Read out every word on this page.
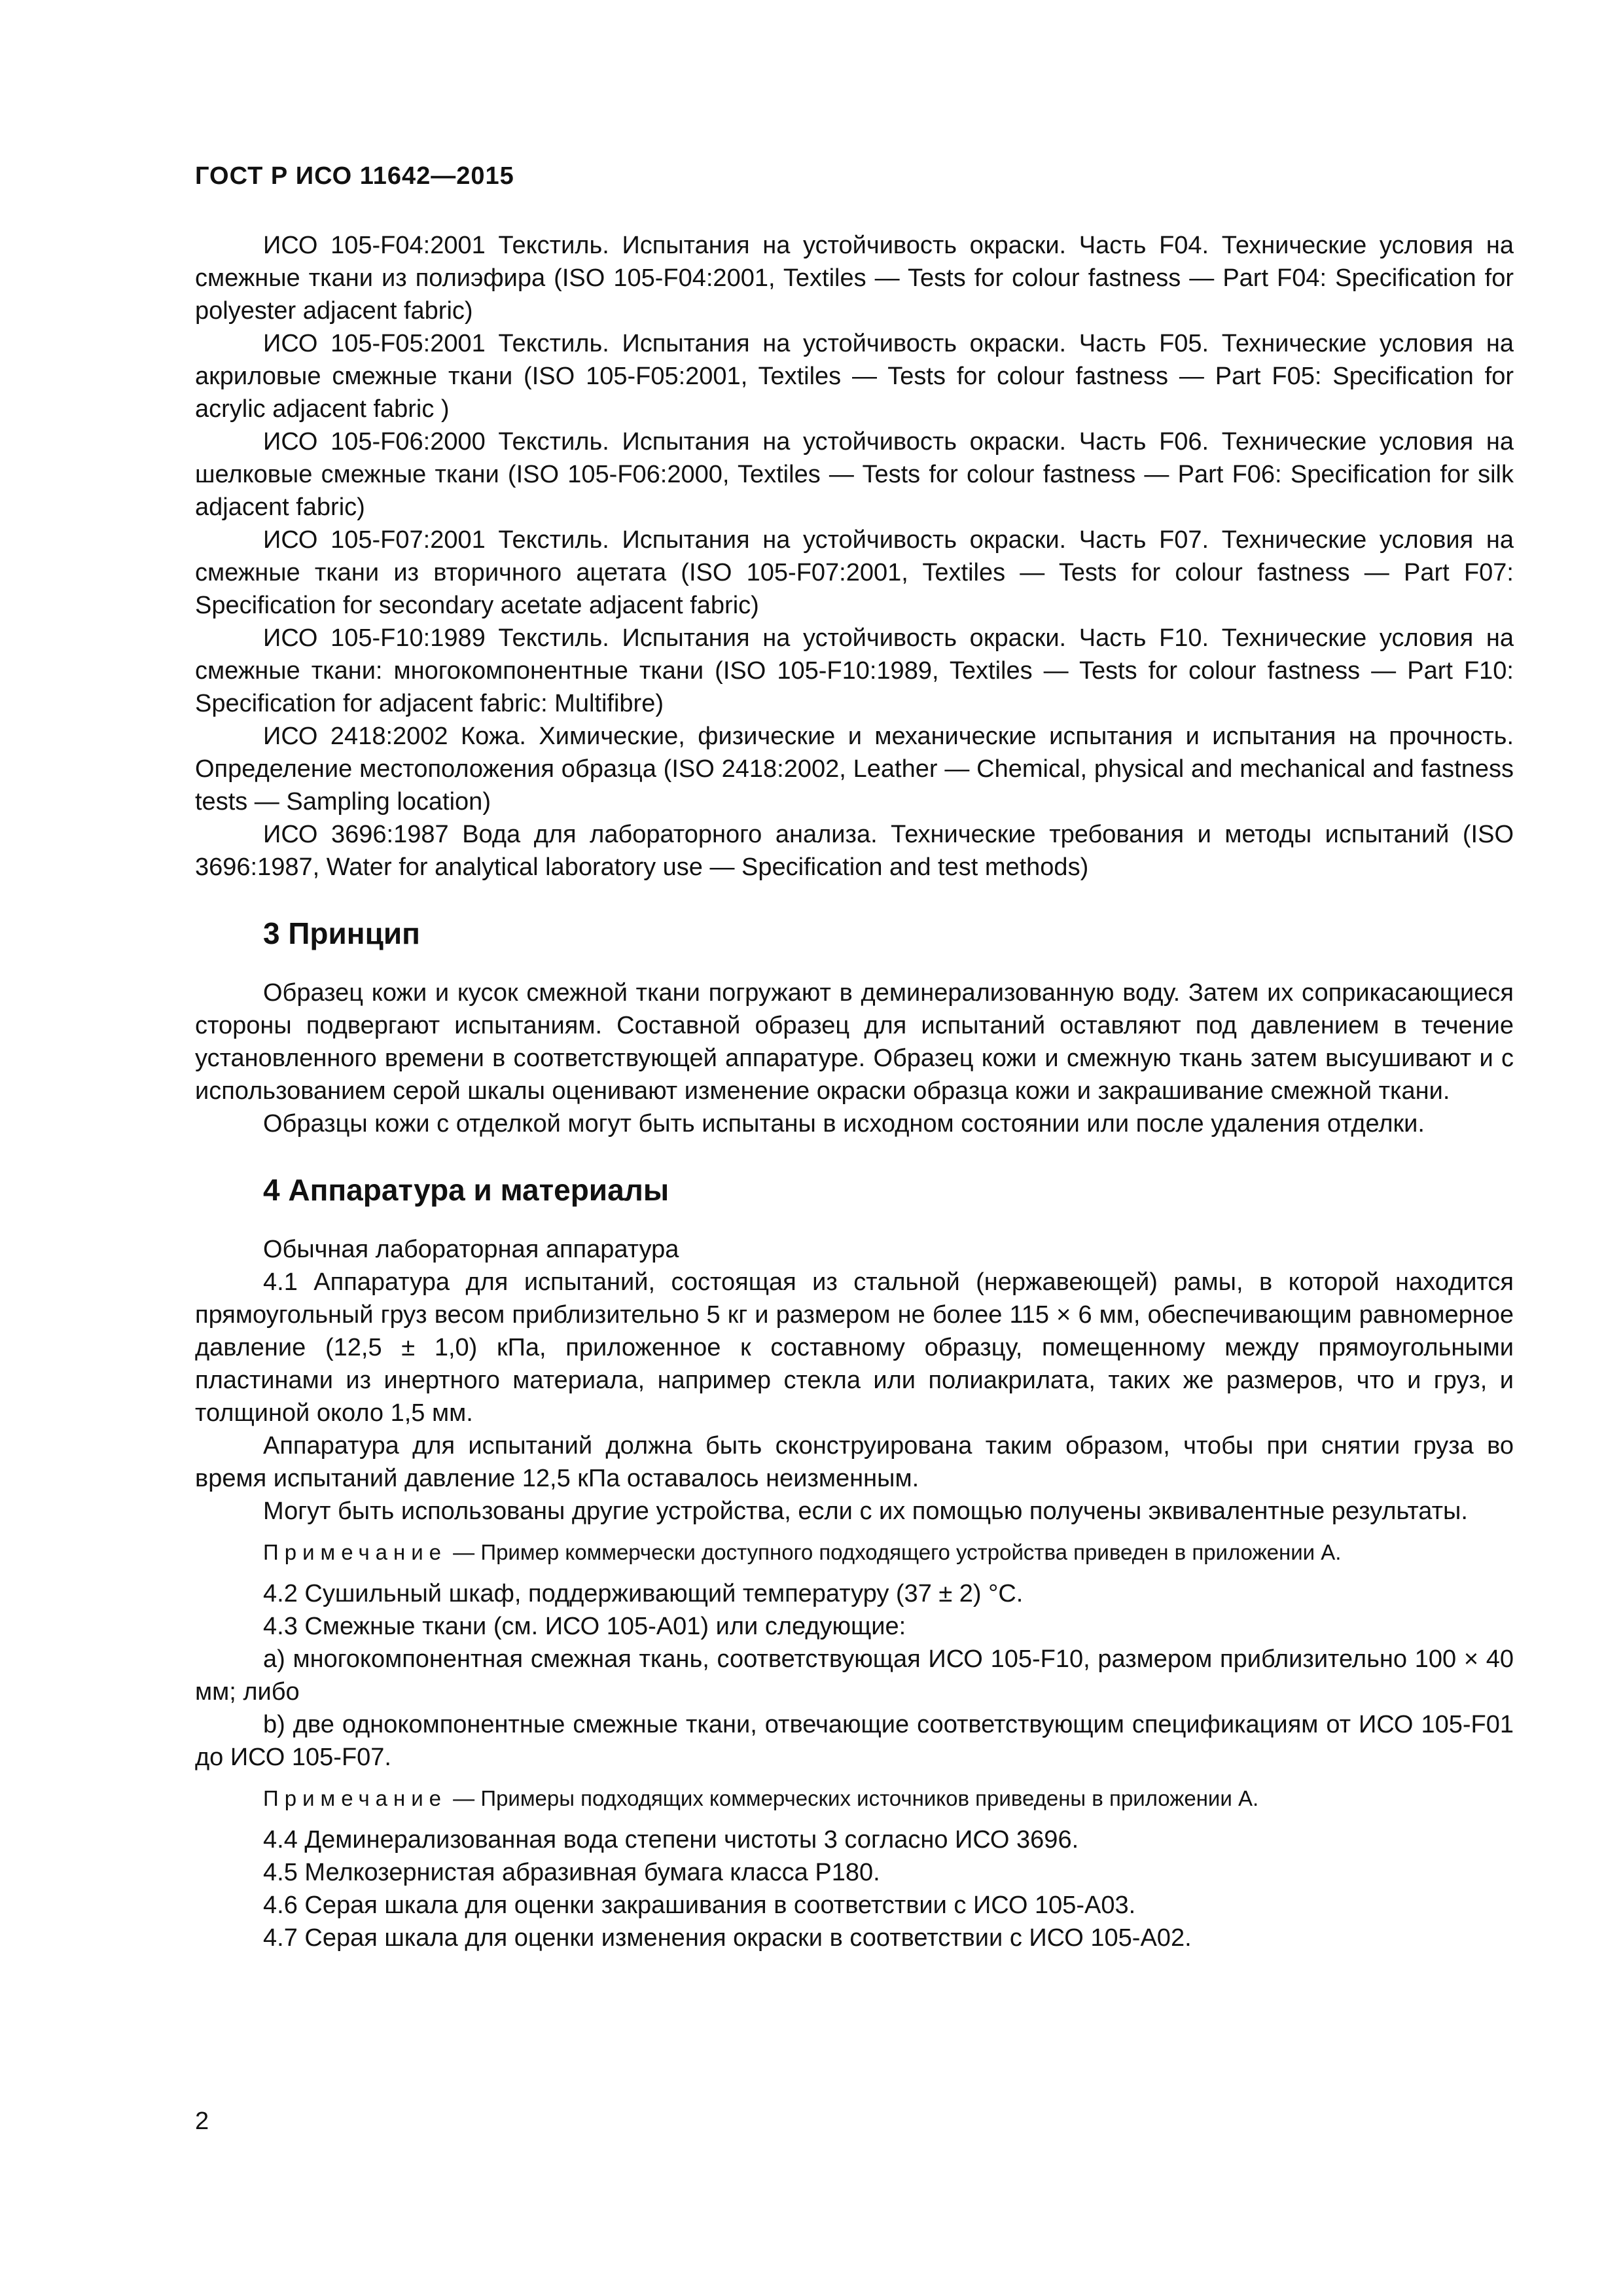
ГОСТ Р ИСО 11642—2015

ИСО 105-F04:2001 Текстиль. Испытания на устойчивость окраски. Часть F04. Технические условия на смежные ткани из полиэфира (ISO 105-F04:2001, Textiles — Tests for colour fastness — Part F04: Specification for polyester adjacent fabric)

ИСО 105-F05:2001 Текстиль. Испытания на устойчивость окраски. Часть F05. Технические условия на акриловые смежные ткани (ISO 105-F05:2001, Textiles — Tests for colour fastness — Part F05: Specification for acrylic adjacent fabric )

ИСО 105-F06:2000 Текстиль. Испытания на устойчивость окраски. Часть F06. Технические условия на шелковые смежные ткани (ISO 105-F06:2000, Textiles — Tests for colour fastness — Part F06: Specification for silk adjacent fabric)

ИСО 105-F07:2001 Текстиль. Испытания на устойчивость окраски. Часть F07. Технические условия на смежные ткани из вторичного ацетата (ISO 105-F07:2001, Textiles — Tests for colour fastness — Part F07: Specification for secondary acetate adjacent fabric)

ИСО 105-F10:1989 Текстиль. Испытания на устойчивость окраски. Часть F10. Технические условия на смежные ткани: многокомпонентные ткани (ISO 105-F10:1989, Textiles — Tests for colour fastness — Part F10: Specification for adjacent fabric: Multifibre)

ИСО 2418:2002 Кожа. Химические, физические и механические испытания и испытания на прочность. Определение местоположения образца (ISO 2418:2002, Leather — Chemical, physical and mechanical and fastness tests — Sampling location)

ИСО 3696:1987 Вода для лабораторного анализа. Технические требования и методы испытаний (ISO 3696:1987, Water for analytical laboratory use — Specification and test methods)

3 Принцип

Образец кожи и кусок смежной ткани погружают в деминерализованную воду. Затем их соприкасающиеся стороны подвергают испытаниям. Составной образец для испытаний оставляют под давлением в течение установленного времени в соответствующей аппаратуре. Образец кожи и смежную ткань затем высушивают и с использованием серой шкалы оценивают изменение окраски образца кожи и закрашивание смежной ткани.

Образцы кожи с отделкой могут быть испытаны в исходном состоянии или после удаления отделки.

4 Аппаратура и материалы

Обычная лабораторная аппаратура

4.1 Аппаратура для испытаний, состоящая из стальной (нержавеющей) рамы, в которой находится прямоугольный груз весом приблизительно 5 кг и размером не более 115 × 6 мм, обеспечивающим равномерное давление (12,5 ± 1,0) кПа, приложенное к составному образцу, помещенному между прямоугольными пластинами из инертного материала, например стекла или полиакрилата, таких же размеров, что и груз, и толщиной около 1,5 мм.

Аппаратура для испытаний должна быть сконструирована таким образом, чтобы при снятии груза во время испытаний давление 12,5 кПа оставалось неизменным.

Могут быть использованы другие устройства, если с их помощью получены эквивалентные результаты.

Примечание — Пример коммерчески доступного подходящего устройства приведен в приложении А.

4.2 Сушильный шкаф, поддерживающий температуру (37 ± 2) °С.

4.3 Смежные ткани (см. ИСО 105-А01) или следующие:

a) многокомпонентная смежная ткань, соответствующая ИСО 105-F10, размером приблизительно 100 × 40 мм; либо

b) две однокомпонентные смежные ткани, отвечающие соответствующим спецификациям от ИСО 105-F01 до ИСО 105-F07.

Примечание — Примеры подходящих коммерческих источников приведены в приложении А.

4.4 Деминерализованная вода степени чистоты 3 согласно ИСО 3696.

4.5 Мелкозернистая абразивная бумага класса Р180.

4.6 Серая шкала для оценки закрашивания в соответствии с ИСО 105-А03.

4.7 Серая шкала для оценки изменения окраски в соответствии с ИСО 105-А02.

2
